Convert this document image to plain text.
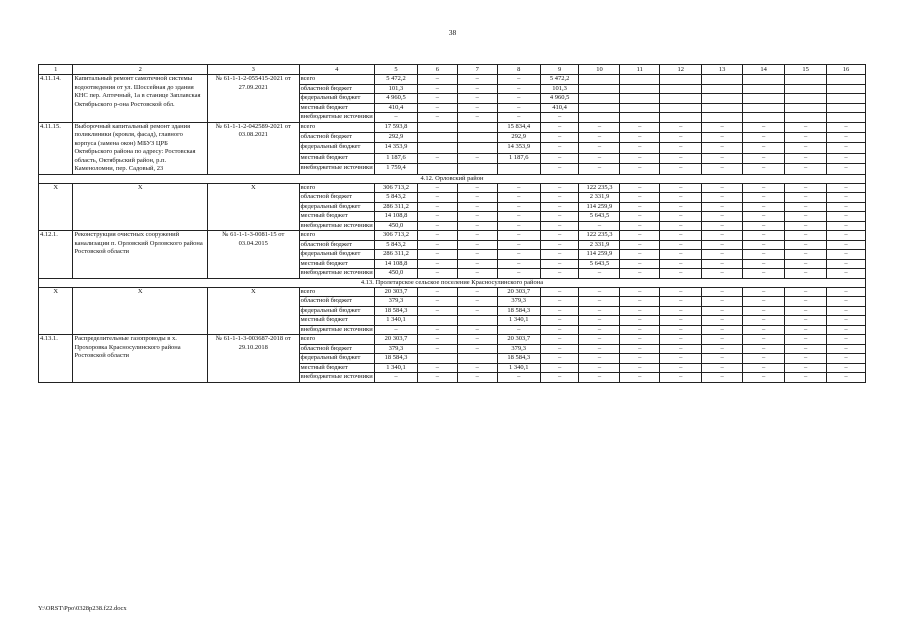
38
1	2	3	4	5	6	7	8	9	10	11	12	13	14	15	16
4.11.14.	Капитальный ремонт самотечной системы водоотведения от ул. Шоссейная до здания КНС пер. Аптечный, 1а в станице Заплавская Октябрьского р-она Ростовской обл.	№ 61-1-1-2-055415-2021 от 27.09.2021	всего	5 472,2	–	–	–	5 472,2							
			областной бюджет	101,3	–	–	–	101,3							
			федеральный бюджет	4 960,5	–	–	–	4 960,5							
			местный бюджет	410,4	–	–	–	410,4							
			внебюджетные источники	–	–	–	–	–							
4.11.15.	Выборочный капитальный ремонт здания поликлиники (кровля, фасад), главного корпуса (замена окон) МБУЗ ЦРБ Октябрьского района по адресу: Ростовская область, Октябрьский район, р.п. Каменоломни, пер. Садовый, 23	№ 61-1-1-2-042589-2021 от 03.08.2021	всего	17 593,8			15 834,4	–	–	–	–	–	–	–	–
			областной бюджет	292,9			292,9	–	–	–	–	–	–	–	–
			федеральный бюджет	14 353,9			14 353,9	–	–	–	–	–	–	–	–
			местный бюджет	1 187,6	–	–	1 187,6	–	–	–	–	–	–	–	–
			внебюджетные источники	1 759,4				–	–	–	–	–	–	–	–
4.12. Орловский район															
Х	Х	Х	всего	306 713,2	–	–	–	–	122 235,3	–	–	–	–	–	–
			областной бюджет	5 843,2	–	–	–	–	2 331,9	–	–	–	–	–	–
			федеральный бюджет	286 311,2	–	–	–	–	114 259,9	–	–	–	–	–	–
			местный бюджет	14 108,8	–	–	–	–	5 643,5	–	–	–	–	–	–
			внебюджетные источники	450,0	–	–	–	–	–	–	–	–	–	–	–
4.12.1.	Реконструкция очистных сооружений канализации п. Орловский Орловского района Ростовской области	№ 61-1-1-3-0081-15 от 03.04.2015	всего	306 713,2	–	–	–	–	122 235,3	–	–	–	–	–	–
			областной бюджет	5 843,2	–	–	–	–	2 331,9	–	–	–	–	–	–
			федеральный бюджет	286 311,2	–	–	–	–	114 259,9	–	–	–	–	–	–
			местный бюджет	14 108,8	–	–	–	–	5 643,5	–	–	–	–	–	–
			внебюджетные источники	450,0	–	–	–	–	–	–	–	–	–	–	–
4.13. Пролетарское сельское поселение Красносулинского района															
Х	Х	Х	всего	20 303,7	–	–	20 303,7	–	–	–	–	–	–	–	–
			областной бюджет	379,3	–	–	379,3	–	–	–	–	–	–	–	–
			федеральный бюджет	18 584,3	–	–	18 584,3	–	–	–	–	–	–	–	–
			местный бюджет	1 340,1			1 340,1	–	–	–	–	–	–	–	–
			внебюджетные источники	–	–	–	–	–	–	–	–	–	–	–	–
4.13.1.	Распределительные газопроводы в х. Прохоровка Красносулинского района Ростовской области	№ 61-1-1-3-003687-2018 от 29.10.2018	всего	20 303,7	–	–	20 303,7	–	–	–	–	–	–	–	–
			областной бюджет	379,3	–	–	379,3	–	–	–	–	–	–	–	–
			федеральный бюджет	18 584,3			18 584,3	–	–	–	–	–	–	–	–
			местный бюджет	1 340,1	–	–	1 340,1	–	–	–	–	–	–	–	–
			внебюджетные источники	–	–	–	–	–	–	–	–	–	–	–	–
Y:\ORST\Ppo\0328p238.f22.docx
